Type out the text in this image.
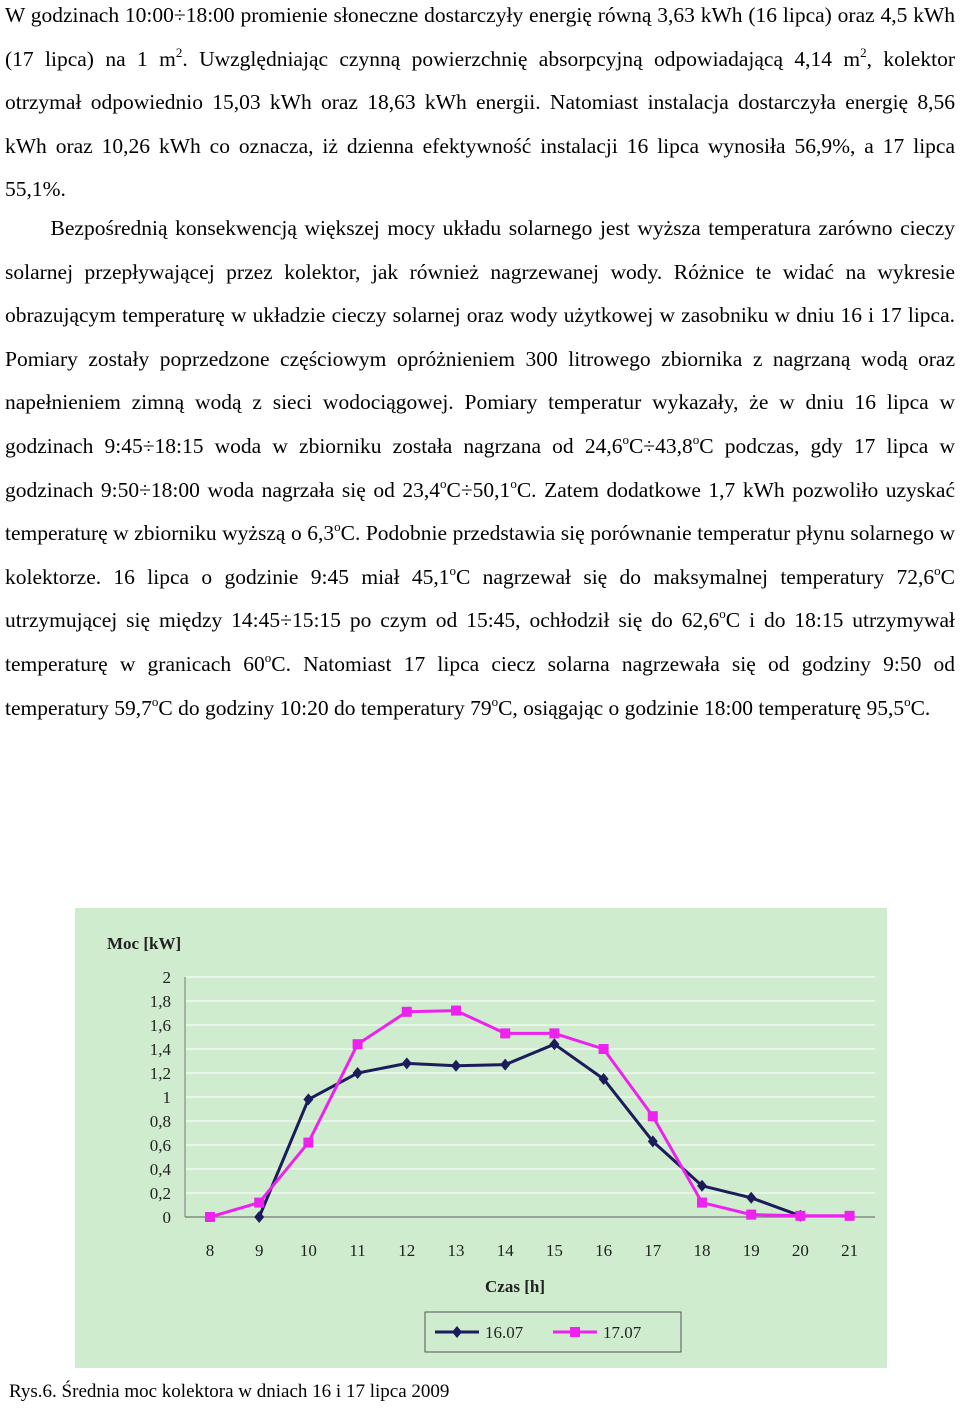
W godzinach 10:00÷18:00 promienie słoneczne dostarczyły energię równą 3,63 kWh (16 lipca) oraz 4,5 kWh (17 lipca) na 1 $m^2$. Uwzględniając czynną powierzchnię absorpcyjną odpowiadającą 4,14 $m^2$, kolektor otrzymał odpowiednio 15,03 kWh oraz 18,63 kWh energii. Natomiast instalacja dostarczyła energię 8,56 kWh oraz 10,26 kWh co oznacza, iż dzienna efektywność instalacji 16 lipca wynosiła 56,9%, a 17 lipca 55,1%.

Bezpośrednią konsekwencją większej mocy układu solarnego jest wyższa temperatura zarówno cieczy solarnej przepływającej przez kolektor, jak również nagrzewanej wody. Różnice te widać na wykresie obrazującym temperaturę w układzie cieczy solarnej oraz wody użytkowej w zasobniku w dniu 16 i 17 lipca. Pomiary zostały poprzedzone częściowym opróżnieniem 300 litrowego zbiornika z nagrzaną wodą oraz napełnieniem zimną wodą z sieci wodociągowej. Pomiary temperatur wykazały, że w dniu 16 lipca w godzinach 9:45÷18:15 woda w zbiorniku została nagrzana od $24,6^oC\div 43,8^oC$ podczas, gdy 17 lipca w godzinach 9:50÷18:00 woda nagrzała się od $23,4^oC\div 50,1^oC$. Zatem dodatkowe 1,7 kWh pozwoliło uzyskać temperaturę w zbiorniku wyższą o 6,3$^o$C. Podobnie przedstawia się porównanie temperatur płynu solarnego w kolektorze. 16 lipca o godzinie 9:45 miał 45,1$^o$C nagrzewał się do maksymalnej temperatury 72,6$^o$C utrzymującej się między 14:45÷15:15 po czym od 15:45, ochłodził się do 62,6$^o$C i do 18:15 utrzymywał temperaturę w granicach 60$^o$C. Natomiast 17 lipca ciecz solarna nagrzewała się od godziny 9:50 od temperatury 59,7$^o$C do godziny 10:20 do temperatury 79$^o$C, osiągając o godzinie 18:00 temperaturę 95,5$^o$C.

0
0,2
0,4
0,6
0,8
1
1,2
1,4
1,6
1,8
2
8 9 10 11 12 13 14 15 16 17 18 19 20 21
Moc [kW]
Czas [h]
16.07	17.07

Rys.6. Średnia moc kolektora w dniach 16 i 17 lipca 2009
